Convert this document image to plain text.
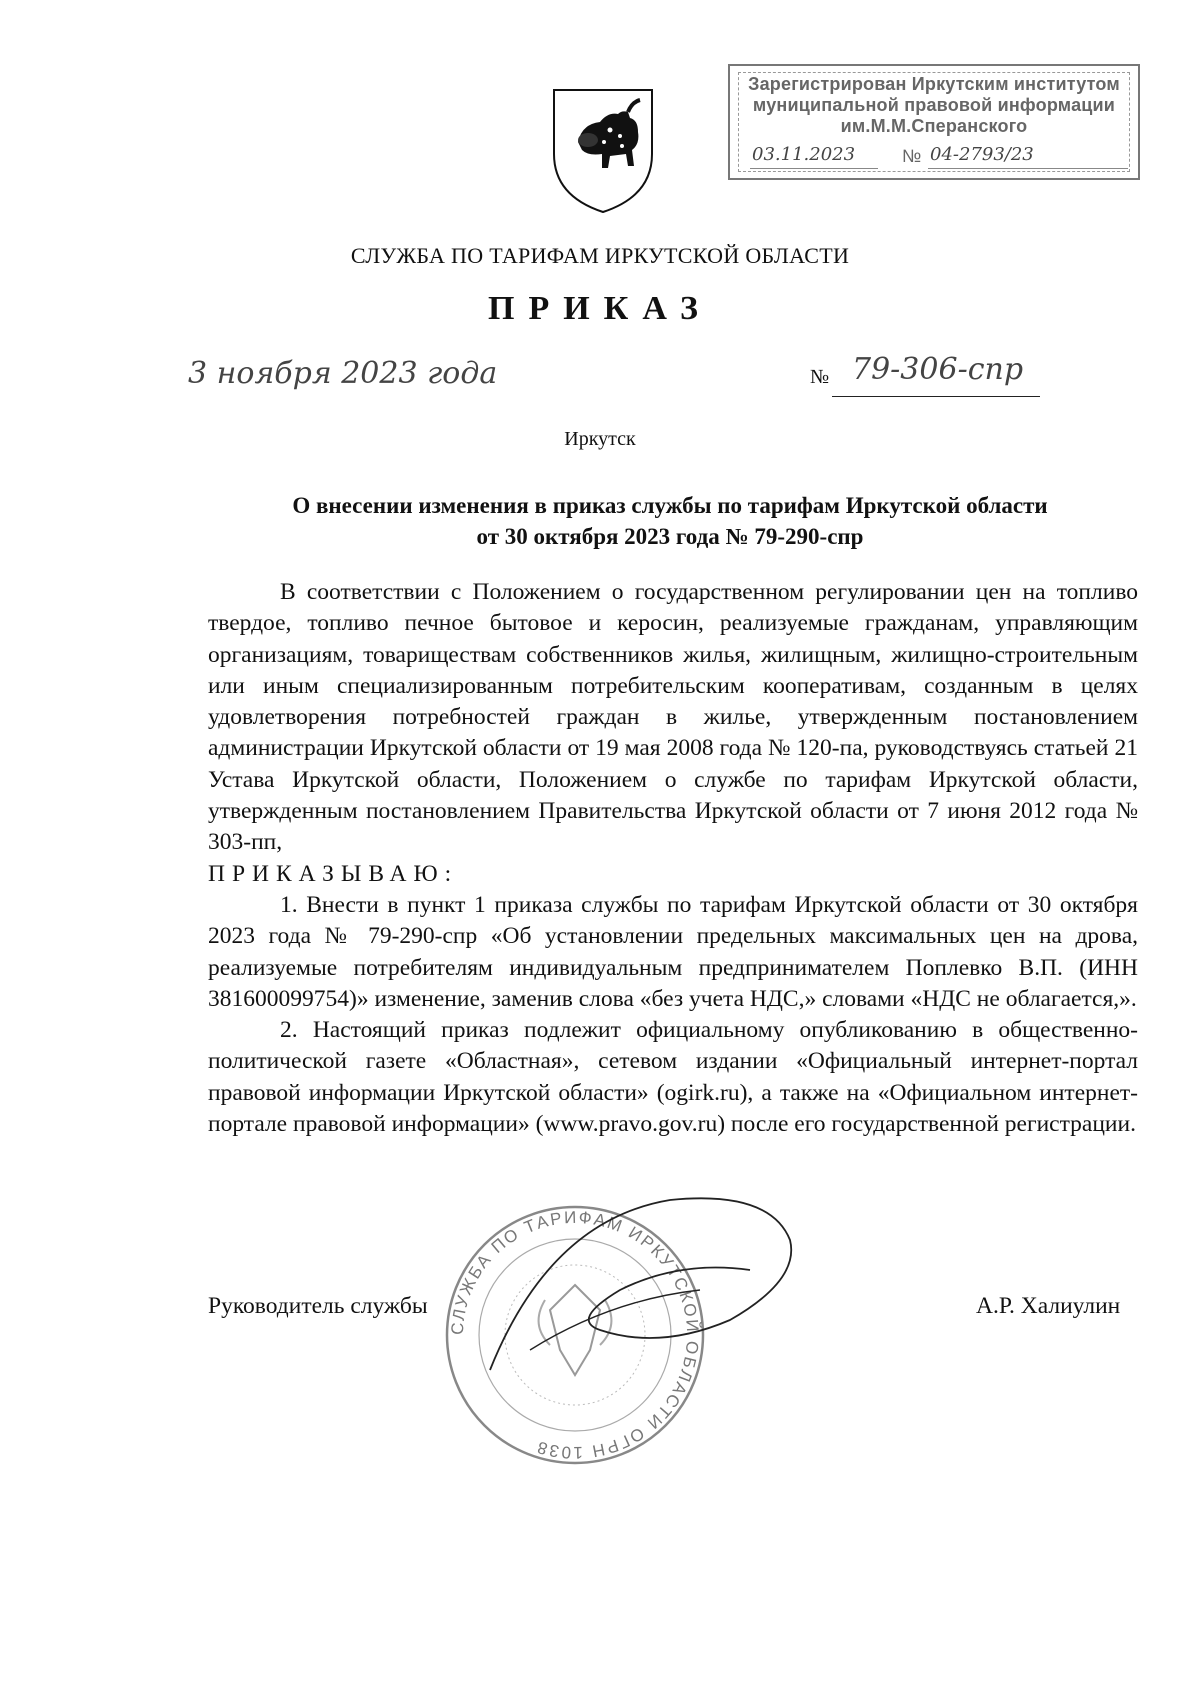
Зарегистрирован Иркутским институтом
муниципальной правовой информации
им.М.М.Сперанского
03.11.2023	№ 04-2793/23
СЛУЖБА ПО ТАРИФАМ ИРКУТСКОЙ ОБЛАСТИ
ПРИКАЗ
3 ноября 2023 года	№ 79-306-спр
Иркутск
О внесении изменения в приказ службы по тарифам Иркутской области
от 30 октября 2023 года № 79-290-спр

В соответствии с Положением о государственном регулировании цен на топливо твердое, топливо печное бытовое и керосин, реализуемые гражданам, управляющим организациям, товариществам собственников жилья, жилищным, жилищно-строительным или иным специализированным потребительским кооперативам, созданным в целях удовлетворения потребностей граждан в жилье, утвержденным постановлением администрации Иркутской области от 19 мая 2008 года № 120-па, руководствуясь статьей 21 Устава Иркутской области, Положением о службе по тарифам Иркутской области, утвержденным постановлением Правительства Иркутской области от 7 июня 2012 года № 303-пп,

ПРИКАЗЫВАЮ:

1. Внести в пункт 1 приказа службы по тарифам Иркутской области от 30 октября 2023 года № 79-290-спр «Об установлении предельных максимальных цен на дрова, реализуемые потребителям индивидуальным предпринимателем Поплевко В.П. (ИНН 381600099754)» изменение, заменив слова «без учета НДС,» словами «НДС не облагается,».

2. Настоящий приказ подлежит официальному опубликованию в общественно-политической газете «Областная», сетевом издании «Официальный интернет-портал правовой информации Иркутской области» (ogirk.ru), а также на «Официальном интернет-портале правовой информации» (www.pravo.gov.ru) после его государственной регистрации.

СЛУЖБА ПО ТАРИФАМ ИРКУТСКОЙ ОБЛАСТИ ОГРН 1038
Руководитель службы	А.Р. Халиулин
